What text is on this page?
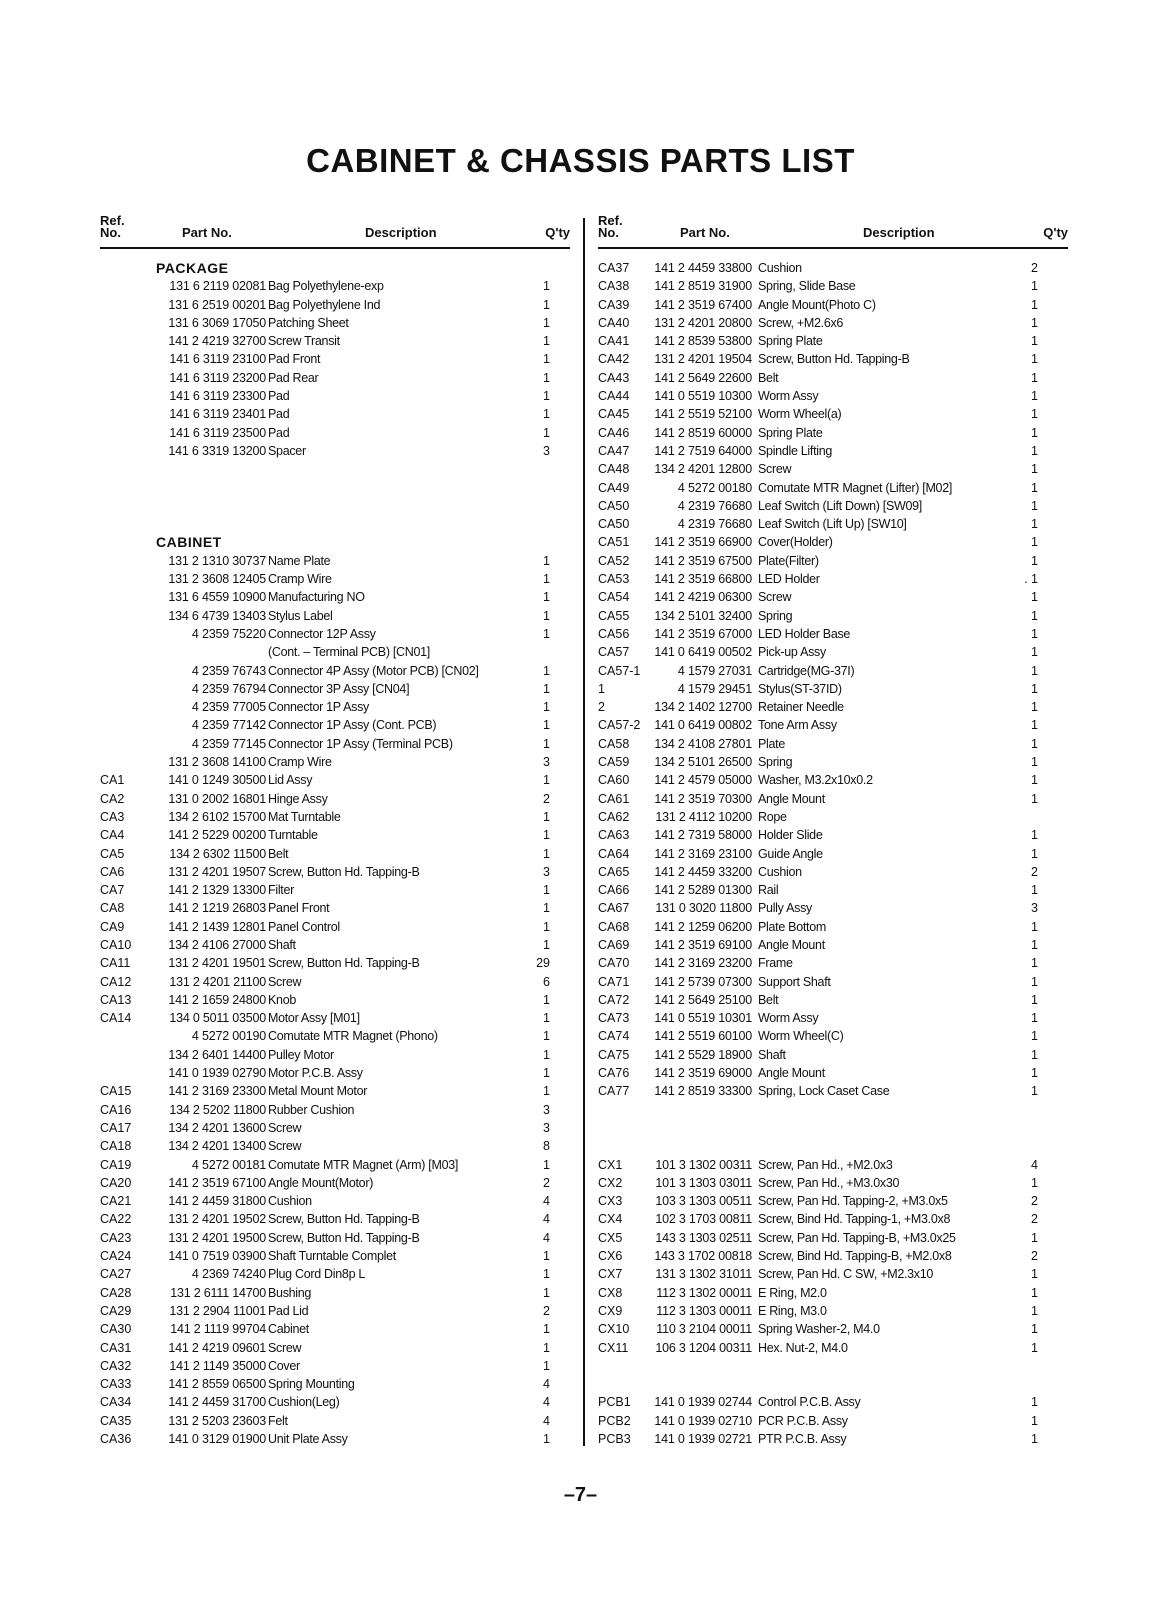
CABINET & CHASSIS PARTS LIST
Ref.
No.	Part No.	Description	Q'ty
PACKAGE
131 6 2119 02081 Bag Polyethylene-exp	1
131 6 2519 00201 Bag Polyethylene Ind	1
131 6 3069 17050 Patching Sheet	1
141 2 4219 32700 Screw Transit	1
141 6 3119 23100 Pad Front	1
141 6 3119 23200 Pad Rear	1
141 6 3119 23300 Pad	1
141 6 3119 23401 Pad	1
141 6 3119 23500 Pad	1
141 6 3319 13200 Spacer	3
CABINET
131 2 1310 30737 Name Plate	1
131 2 3608 12405 Cramp Wire	1
131 6 4559 10900 Manufacturing NO	1
134 6 4739 13403 Stylus Label	1
4 2359 75220 Connector 12P Assy	1
(Cont. – Terminal PCB) [CN01]
4 2359 76743 Connector 4P Assy (Motor PCB) [CN02]	1
4 2359 76794 Connector 3P Assy [CN04]	1
4 2359 77005 Connector 1P Assy	1
4 2359 77142 Connector 1P Assy (Cont. PCB)	1
4 2359 77145 Connector 1P Assy (Terminal PCB)	1
131 2 3608 14100 Cramp Wire	3
CA1	141 0 1249 30500 Lid Assy	1
CA2	131 0 2002 16801 Hinge Assy	2
CA3	134 2 6102 15700 Mat Turntable	1
CA4	141 2 5229 00200 Turntable	1
CA5	134 2 6302 11500 Belt	1
CA6	131 2 4201 19507 Screw, Button Hd. Tapping-B	3
CA7	141 2 1329 13300 Filter	1
CA8	141 2 1219 26803 Panel Front	1
CA9	141 2 1439 12801 Panel Control	1
CA10	134 2 4106 27000 Shaft	1
CA11	131 2 4201 19501 Screw, Button Hd. Tapping-B	29
CA12	131 2 4201 21100 Screw	6
CA13	141 2 1659 24800 Knob	1
CA14	134 0 5011 03500 Motor Assy [M01]	1
4 5272 00190 Comutate MTR Magnet (Phono)	1
134 2 6401 14400 Pulley Motor	1
141 0 1939 02790 Motor P.C.B. Assy	1
CA15	141 2 3169 23300 Metal Mount Motor	1
CA16	134 2 5202 11800 Rubber Cushion	3
CA17	134 2 4201 13600 Screw	3
CA18	134 2 4201 13400 Screw	8
CA19	4 5272 00181 Comutate MTR Magnet (Arm) [M03]	1
CA20	141 2 3519 67100 Angle Mount(Motor)	2
CA21	141 2 4459 31800 Cushion	4
CA22	131 2 4201 19502 Screw, Button Hd. Tapping-B	4
CA23	131 2 4201 19500 Screw, Button Hd. Tapping-B	4
CA24	141 0 7519 03900 Shaft Turntable Complet	1
CA27	4 2369 74240 Plug Cord Din8p L	1
CA28	131 2 6111 14700 Bushing	1
CA29	131 2 2904 11001 Pad Lid	2
CA30	141 2 1119 99704 Cabinet	1
CA31	141 2 4219 09601 Screw	1
CA32	141 2 1149 35000 Cover	1
CA33	141 2 8559 06500 Spring Mounting	4
CA34	141 2 4459 31700 Cushion(Leg)	4
CA35	131 2 5203 23603 Felt	4
CA36	141 0 3129 01900 Unit Plate Assy	1
Ref.
No.	Part No.	Description	Q'ty
CA37	141 2 4459 33800 Cushion	2
CA38	141 2 8519 31900 Spring, Slide Base	1
CA39	141 2 3519 67400 Angle Mount(Photo C)	1
CA40	131 2 4201 20800 Screw, +M2.6x6	1
CA41	141 2 8539 53800 Spring Plate	1
CA42	131 2 4201 19504 Screw, Button Hd. Tapping-B	1
CA43	141 2 5649 22600 Belt	1
CA44	141 0 5519 10300 Worm Assy	1
CA45	141 2 5519 52100 Worm Wheel(a)	1
CA46	141 2 8519 60000 Spring Plate	1
CA47	141 2 7519 64000 Spindle Lifting	1
CA48	134 2 4201 12800 Screw	1
CA49	4 5272 00180 Comutate MTR Magnet (Lifter) [M02]	1
CA50	4 2319 76680 Leaf Switch (Lift Down) [SW09]	1
CA50	4 2319 76680 Leaf Switch (Lift Up) [SW10]	1
CA51	141 2 3519 66900 Cover(Holder)	1
CA52	141 2 3519 67500 Plate(Filter)	1
CA53	141 2 3519 66800 LED Holder	. 1
CA54	141 2 4219 06300 Screw	1
CA55	134 2 5101 32400 Spring	1
CA56	141 2 3519 67000 LED Holder Base	1
CA57	141 0 6419 00502 Pick-up Assy	1
CA57-1	4 1579 27031 Cartridge(MG-37I)	1
1	4 1579 29451 Stylus(ST-37ID)	1
2	134 2 1402 12700 Retainer Needle	1
CA57-2	141 0 6419 00802 Tone Arm Assy	1
CA58	134 2 4108 27801 Plate	1
CA59	134 2 5101 26500 Spring	1
CA60	141 2 4579 05000 Washer, M3.2x10x0.2	1
CA61	141 2 3519 70300 Angle Mount	1
CA62	131 2 4112 10200 Rope
CA63	141 2 7319 58000 Holder Slide	1
CA64	141 2 3169 23100 Guide Angle	1
CA65	141 2 4459 33200 Cushion	2
CA66	141 2 5289 01300 Rail	1
CA67	131 0 3020 11800 Pully Assy	3
CA68	141 2 1259 06200 Plate Bottom	1
CA69	141 2 3519 69100 Angle Mount	1
CA70	141 2 3169 23200 Frame	1
CA71	141 2 5739 07300 Support Shaft	1
CA72	141 2 5649 25100 Belt	1
CA73	141 0 5519 10301 Worm Assy	1
CA74	141 2 5519 60100 Worm Wheel(C)	1
CA75	141 2 5529 18900 Shaft	1
CA76	141 2 3519 69000 Angle Mount	1
CA77	141 2 8519 33300 Spring, Lock Caset Case	1
CX1	101 3 1302 00311 Screw, Pan Hd., +M2.0x3	4
CX2	101 3 1303 03011 Screw, Pan Hd., +M3.0x30	1
CX3	103 3 1303 00511 Screw, Pan Hd. Tapping-2, +M3.0x5	2
CX4	102 3 1703 00811 Screw, Bind Hd. Tapping-1, +M3.0x8	2
CX5	143 3 1303 02511 Screw, Pan Hd. Tapping-B, +M3.0x25	1
CX6	143 3 1702 00818 Screw, Bind Hd. Tapping-B, +M2.0x8	2
CX7	131 3 1302 31011 Screw, Pan Hd. C SW, +M2.3x10	1
CX8	112 3 1302 00011 E Ring, M2.0	1
CX9	112 3 1303 00011 E Ring, M3.0	1
CX10	110 3 2104 00011 Spring Washer-2, M4.0	1
CX11	106 3 1204 00311 Hex. Nut-2, M4.0	1
PCB1	141 0 1939 02744 Control P.C.B. Assy	1
PCB2	141 0 1939 02710 PCR P.C.B. Assy	1
PCB3	141 0 1939 02721 PTR P.C.B. Assy	1
–7–
